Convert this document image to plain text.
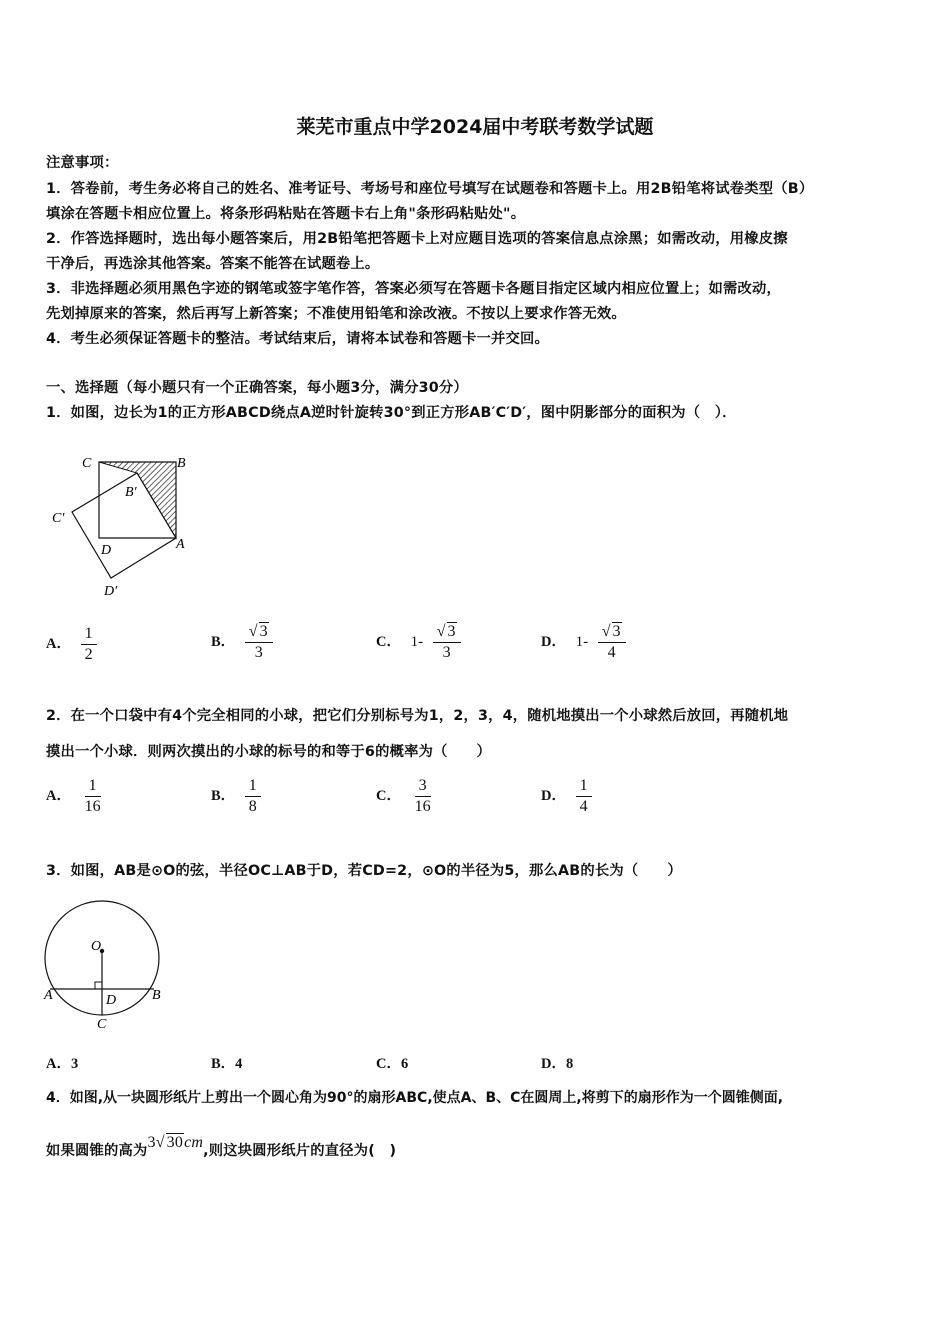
莱芜市重点中学2024届中考联考数学试题
注意事项：
1．答卷前，考生务必将自己的姓名、准考证号、考场号和座位号填写在试题卷和答题卡上。用2B铅笔将试卷类型（B）
填涂在答题卡相应位置上。将条形码粘贴在答题卡右上角"条形码粘贴处"。
2．作答选择题时，选出每小题答案后，用2B铅笔把答题卡上对应题目选项的答案信息点涂黑；如需改动，用橡皮擦
干净后，再选涂其他答案。答案不能答在试题卷上。
3．非选择题必须用黑色字迹的钢笔或签字笔作答，答案必须写在答题卡各题目指定区域内相应位置上；如需改动，
先划掉原来的答案，然后再写上新答案；不准使用铅笔和涂改液。不按以上要求作答无效。
4．考生必须保证答题卡的整洁。考试结束后，请将本试卷和答题卡一并交回。
一、选择题（每小题只有一个正确答案，每小题3分，满分30分）
1．如图，边长为1的正方形ABCD绕点A逆时针旋转30°到正方形AB′C′D′，图中阴影部分的面积为（　）．
C	B
B′
C′
D	A
D′
A． $\frac{1}{2}$	B． $\frac{√ 3}{3}$	C． $1- \frac{√ 3}{3}$	D． $1- \frac{√ 3}{4}$
2．在一个口袋中有4个完全相同的小球，把它们分别标号为1，2，3，4，随机地摸出一个小球然后放回，再随机地
摸出一个小球．则两次摸出的小球的标号的和等于6的概率为（　　）
A． $\frac{1}{16}$	B． $\frac{1}{8}$	C． $\frac{3}{16}$	D． $\frac{1}{4}$
3．如图，AB是⊙O的弦，半径OC⊥AB于D，若CD=2，⊙O的半径为5，那么AB的长为（　　）
O
A	D	B
C
A．3	B．4	C．6	D．8
4．如图,从一块圆形纸片上剪出一个圆心角为90°的扇形ABC,使点A、B、C在圆周上,将剪下的扇形作为一个圆锥侧面,
如果圆锥的高为3√ 30cm,则这块圆形纸片的直径为(　)
